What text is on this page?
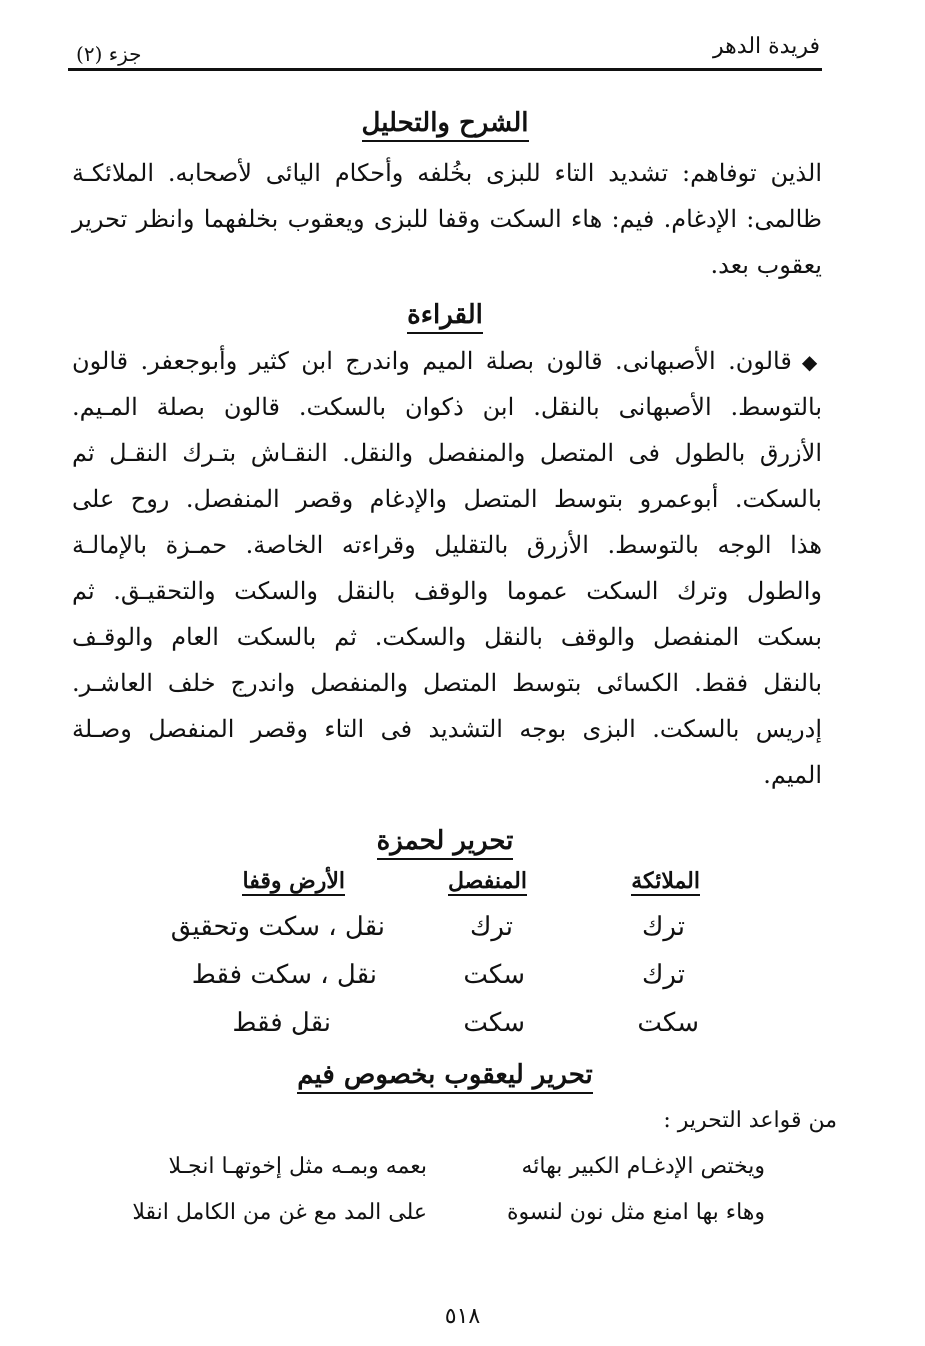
فريدة الدهر
جزء (٢)
الشرح والتحليل
الذين توفاهم: تشديد التاء للبزى بخُلفه وأحكام اليائى لأصحابه. الملائكـة
ظالمى: الإدغام. فيم: هاء السكت وقفا للبزى ويعقوب بخلفهما وانظر تحرير
يعقوب بعد.
القراءة
◆قالون. الأصبهانى. قالون بصلة الميم واندرج ابن كثير وأبوجعفر. قالون
بالتوسط. الأصبهانى بالنقل. ابن ذكوان بالسكت. قالون بصلة المـيم.
الأزرق بالطول فى المتصل والمنفصل والنقل. النقـاش بتـرك النقـل ثم
بالسكت. أبوعمرو بتوسط المتصل والإدغام وقصر المنفصل. روح على
هذا الوجه بالتوسط. الأزرق بالتقليل وقراءته الخاصة. حمـزة بالإمالـة
والطول وترك السكت عموما والوقف بالنقل والسكت والتحقيـق. ثم
بسكت المنفصل والوقف بالنقل والسكت. ثم بالسكت العام والوقـف
بالنقل فقط. الكسائى بتوسط المتصل والمنفصل واندرج خلف العاشـر.
إدريس بالسكت. البزى بوجه التشديد فى التاء وقصر المنفصل وصـلة
الميم.
تحرير لحمزة
الملائكة
المنفصل
الأرض وقفا
ترك
ترك
نقل ، سكت وتحقيق
ترك
سكت
نقل ، سكت فقط
سكت
سكت
نقل فقط
تحرير ليعقوب بخصوص فيم
من قواعد التحرير :
ويختص الإدغـام الكبير بهائه
بعمه وبمـه مثل إخوتهـا انجـلا
وهاء بها امنع مثل نون لنسوة
على المد مع غن من الكامل انقلا
٥١٨
